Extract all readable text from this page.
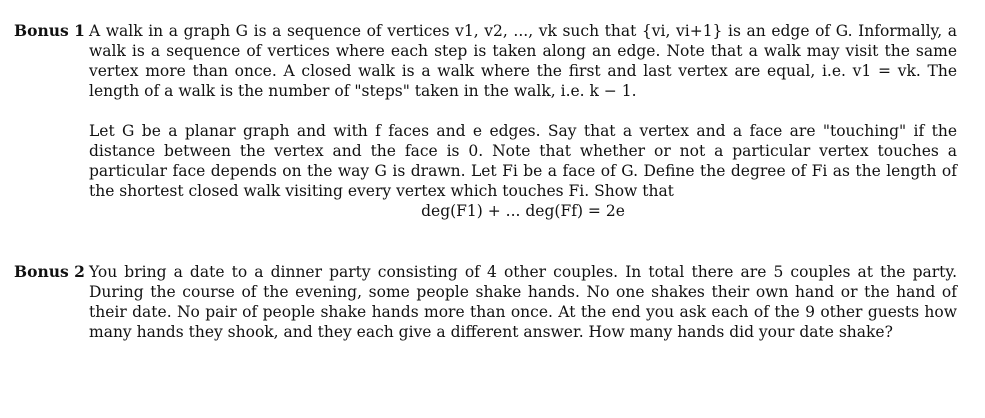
Bonus 1 A walk in a graph G is a sequence of vertices v1, v2, ..., vk such that {vi, vi+1} is an edge of G. Informally, a walk is a sequence of vertices where each step is taken along an edge. Note that a walk may visit the same vertex more than once. A closed walk is a walk where the first and last vertex are equal, i.e. v1 = vk. The length of a walk is the number of "steps" taken in the walk, i.e. k − 1.

Let G be a planar graph and with f faces and e edges. Say that a vertex and a face are "touching" if the distance between the vertex and the face is 0. Note that whether or not a particular vertex touches a particular face depends on the way G is drawn. Let Fi be a face of G. Define the degree of Fi as the length of the shortest closed walk visiting every vertex which touches Fi. Show that

deg(F1) + ... deg(Ff) = 2e

Bonus 2 You bring a date to a dinner party consisting of 4 other couples. In total there are 5 couples at the party. During the course of the evening, some people shake hands. No one shakes their own hand or the hand of their date. No pair of people shake hands more than once. At the end you ask each of the 9 other guests how many hands they shook, and they each give a different answer. How many hands did your date shake?
